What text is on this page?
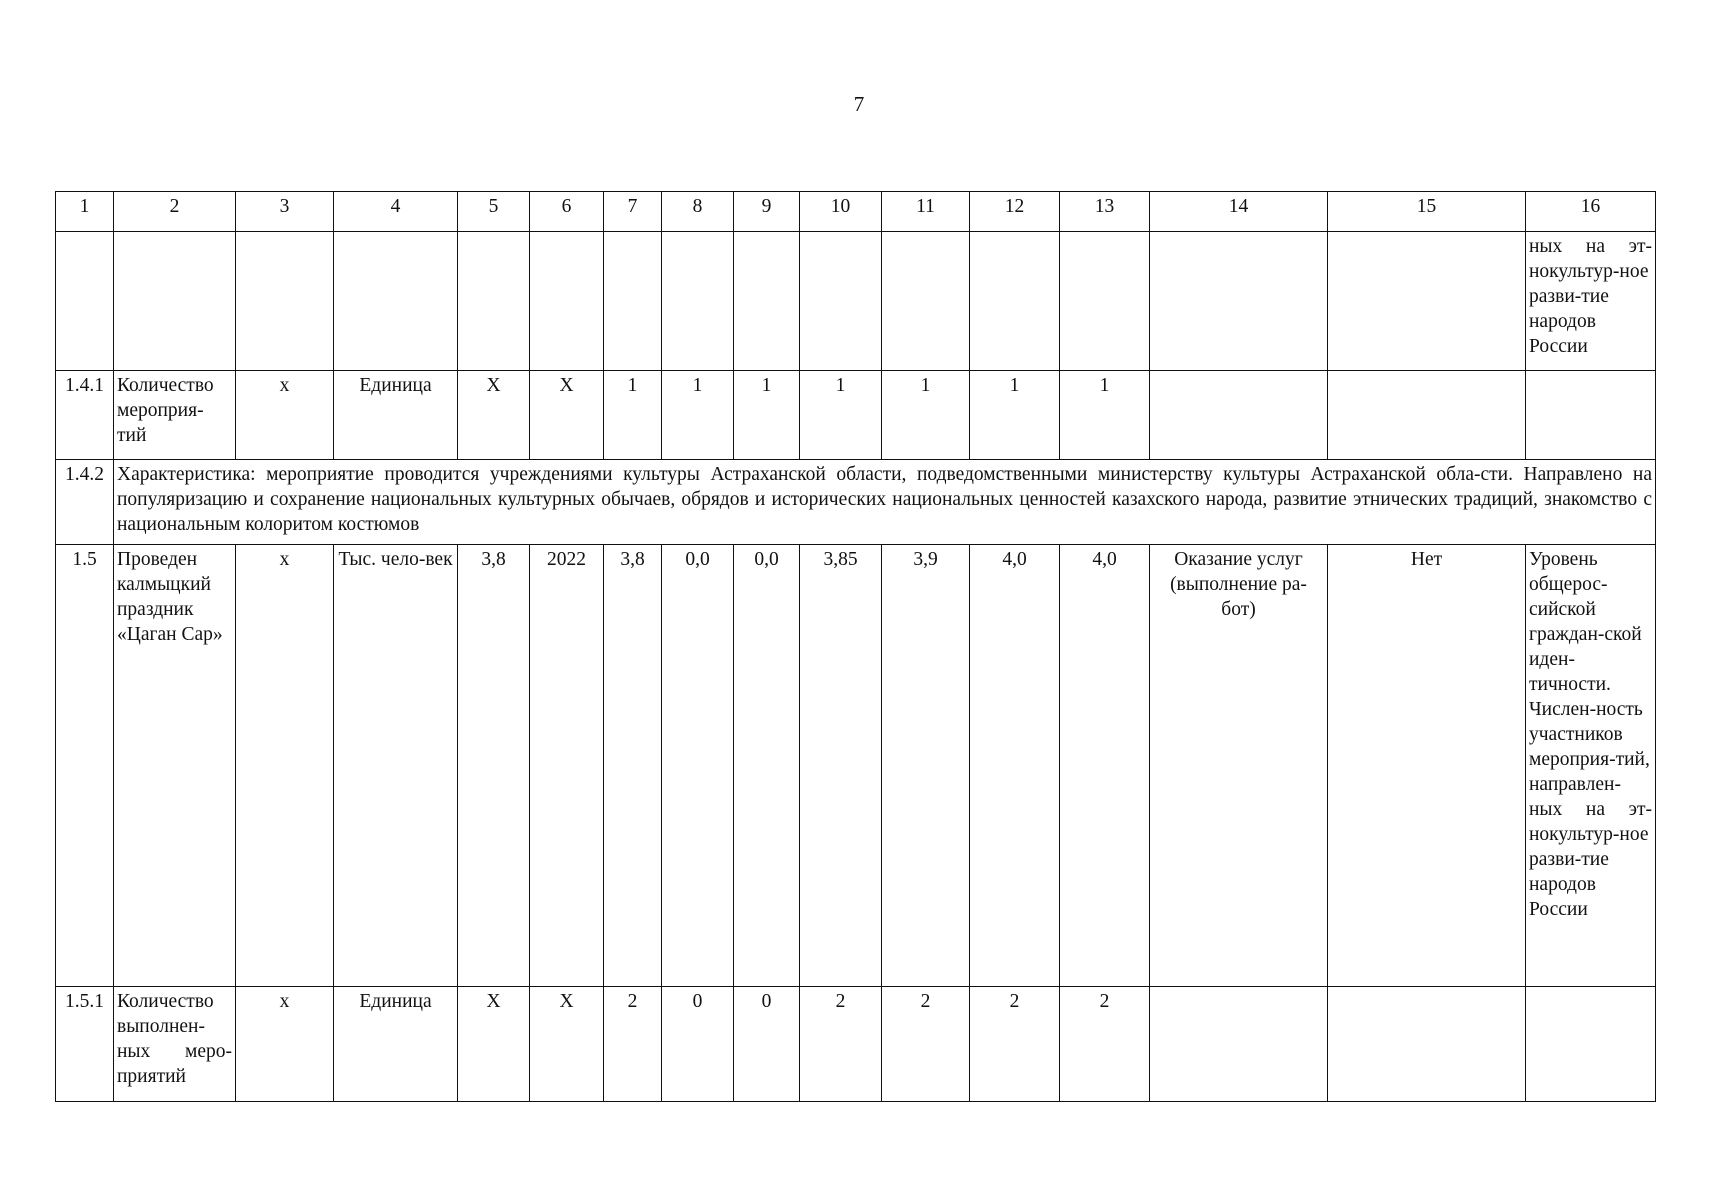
7
1	2	3	4	5	6	7	8	9	10	11	12	13	14	15	16
															ных на эт-нокультур-ное разви-тие народов России
1.4.1	Количество мероприя-тий	x	Единица	X	X	1	1	1	1	1	1	1			
1.4.2	Характеристика: мероприятие проводится учреждениями культуры Астраханской области, подведомственными министерству культуры Астраханской обла-сти. Направлено на популяризацию и сохранение национальных культурных обычаев, обрядов и исторических национальных ценностей казахского народа, развитие этнических традиций, знакомство с национальным колоритом костюмов														
1.5	Проведен калмыцкий праздник «Цаган Сар»	x	Тыс. чело-век	3,8	2022	3,8	0,0	0,0	3,85	3,9	4,0	4,0	Оказание услуг (выполнение ра-бот)	Нет	Уровень общерос-сийской граждан-ской иден-тичности. Числен-ность участников мероприя-тий, направлен-ных на эт-нокультур-ное разви-тие народов России
1.5.1	Количество выполнен-ных меро-приятий	x	Единица	X	X	2	0	0	2	2	2	2			
